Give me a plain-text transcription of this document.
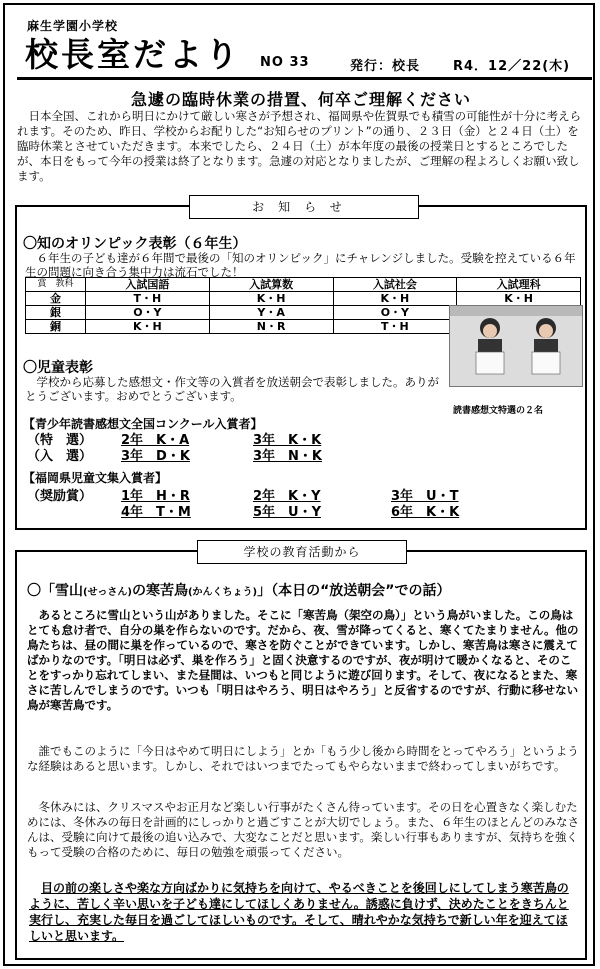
麻生学園小学校
校長室だより NO 33	発行：校長	R4．12／22(木)
急遽の臨時休業の措置、何卒ご理解ください

日本全国、これから明日にかけて厳しい寒さが予想され、福岡県や佐賀県でも積雪の可能性が十分に考えられます。そのため、昨日、学校からお配りした“お知らせのプリント”の通り、２３日（金）と２４日（土）を臨時休業とさせていただきます。本来でしたら、２４日（土）が本年度の最後の授業日とするところでしたが、本日をもって今年の授業は終了となります。急遽の対応となりましたが、ご理解の程よろしくお願い致します。

お知らせ
〇知のオリンピック表彰（６年生）
６年生の子ども達が６年間で最後の「知のオリンピック」にチャレンジしました。受験を控えている６年生の問題に向き合う集中力は流石でした！
賞　教科	入試国語	入試算数	入試社会	入試理科
金	T・H	K・H	K・H	K・H
銀	O・Y	Y・A	O・Y	
銅	K・H	N・R	T・H	
〇児童表彰
学校から応募した感想文・作文等の入賞者を放送朝会で表彰しました。ありがとうございます。おめでとうございます。
【青少年読書感想文全国コンクール入賞者】
（特　選） 2年　K・A	3年　K・K
（入　選） 3年　D・K	3年　N・K
【福岡県児童文集入賞者】
（奨励賞） 1年　H・R	2年　K・Y	3年　U・T
4年　T・M	5年　U・Y	6年　K・K
読書感想文特選の２名
学校の教育活動から
〇「雪山(せっさん)の寒苦鳥(かんくちょう)」（本日の“放送朝会”での話）

あるところに雪山という山がありました。そこに「寒苦鳥（架空の鳥）」という鳥がいました。この鳥はとても怠け者で、自分の巣を作らないのです。だから、夜、雪が降ってくると、寒くてたまりません。他の鳥たちは、昼の間に巣を作っているので、寒さを防ぐことができています。しかし、寒苦鳥は寒さに震えてばかりなのです。「明日は必ず、巣を作ろう」と固く決意するのですが、夜が明けて暖かくなると、そのことをすっかり忘れてしまい、また昼間は、いつもと同じように遊び回ります。そして、夜になるとまた、寒さに苦しんでしまうのです。いつも「明日はやろう、明日はやろう」と反省するのですが、行動に移せない鳥が寒苦鳥です。

誰でもこのように「今日はやめて明日にしよう」とか「もう少し後から時間をとってやろう」というような経験はあると思います。しかし、それではいつまでたってもやらないままで終わってしまいがちです。

冬休みには、クリスマスやお正月など楽しい行事がたくさん待っています。その日を心置きなく楽しむためには、冬休みの毎日を計画的にしっかりと過ごすことが大切でしょう。また、６年生のほとんどのみなさんは、受験に向けて最後の追い込みで、大変なことだと思います。楽しい行事もありますが、気持ちを強くもって受験の合格のために、毎日の勉強を頑張ってください。

目の前の楽しさや楽な方向ばかりに気持ちを向けて、やるべきことを後回しにしてしまう寒苦鳥のように、苦しく辛い思いを子ども達にしてほしくありません。誘惑に負けず、決めたことをきちんと実行し、充実した毎日を過ごしてほしいものです。そして、晴れやかな気持ちで新しい年を迎えてほしいと思います。
